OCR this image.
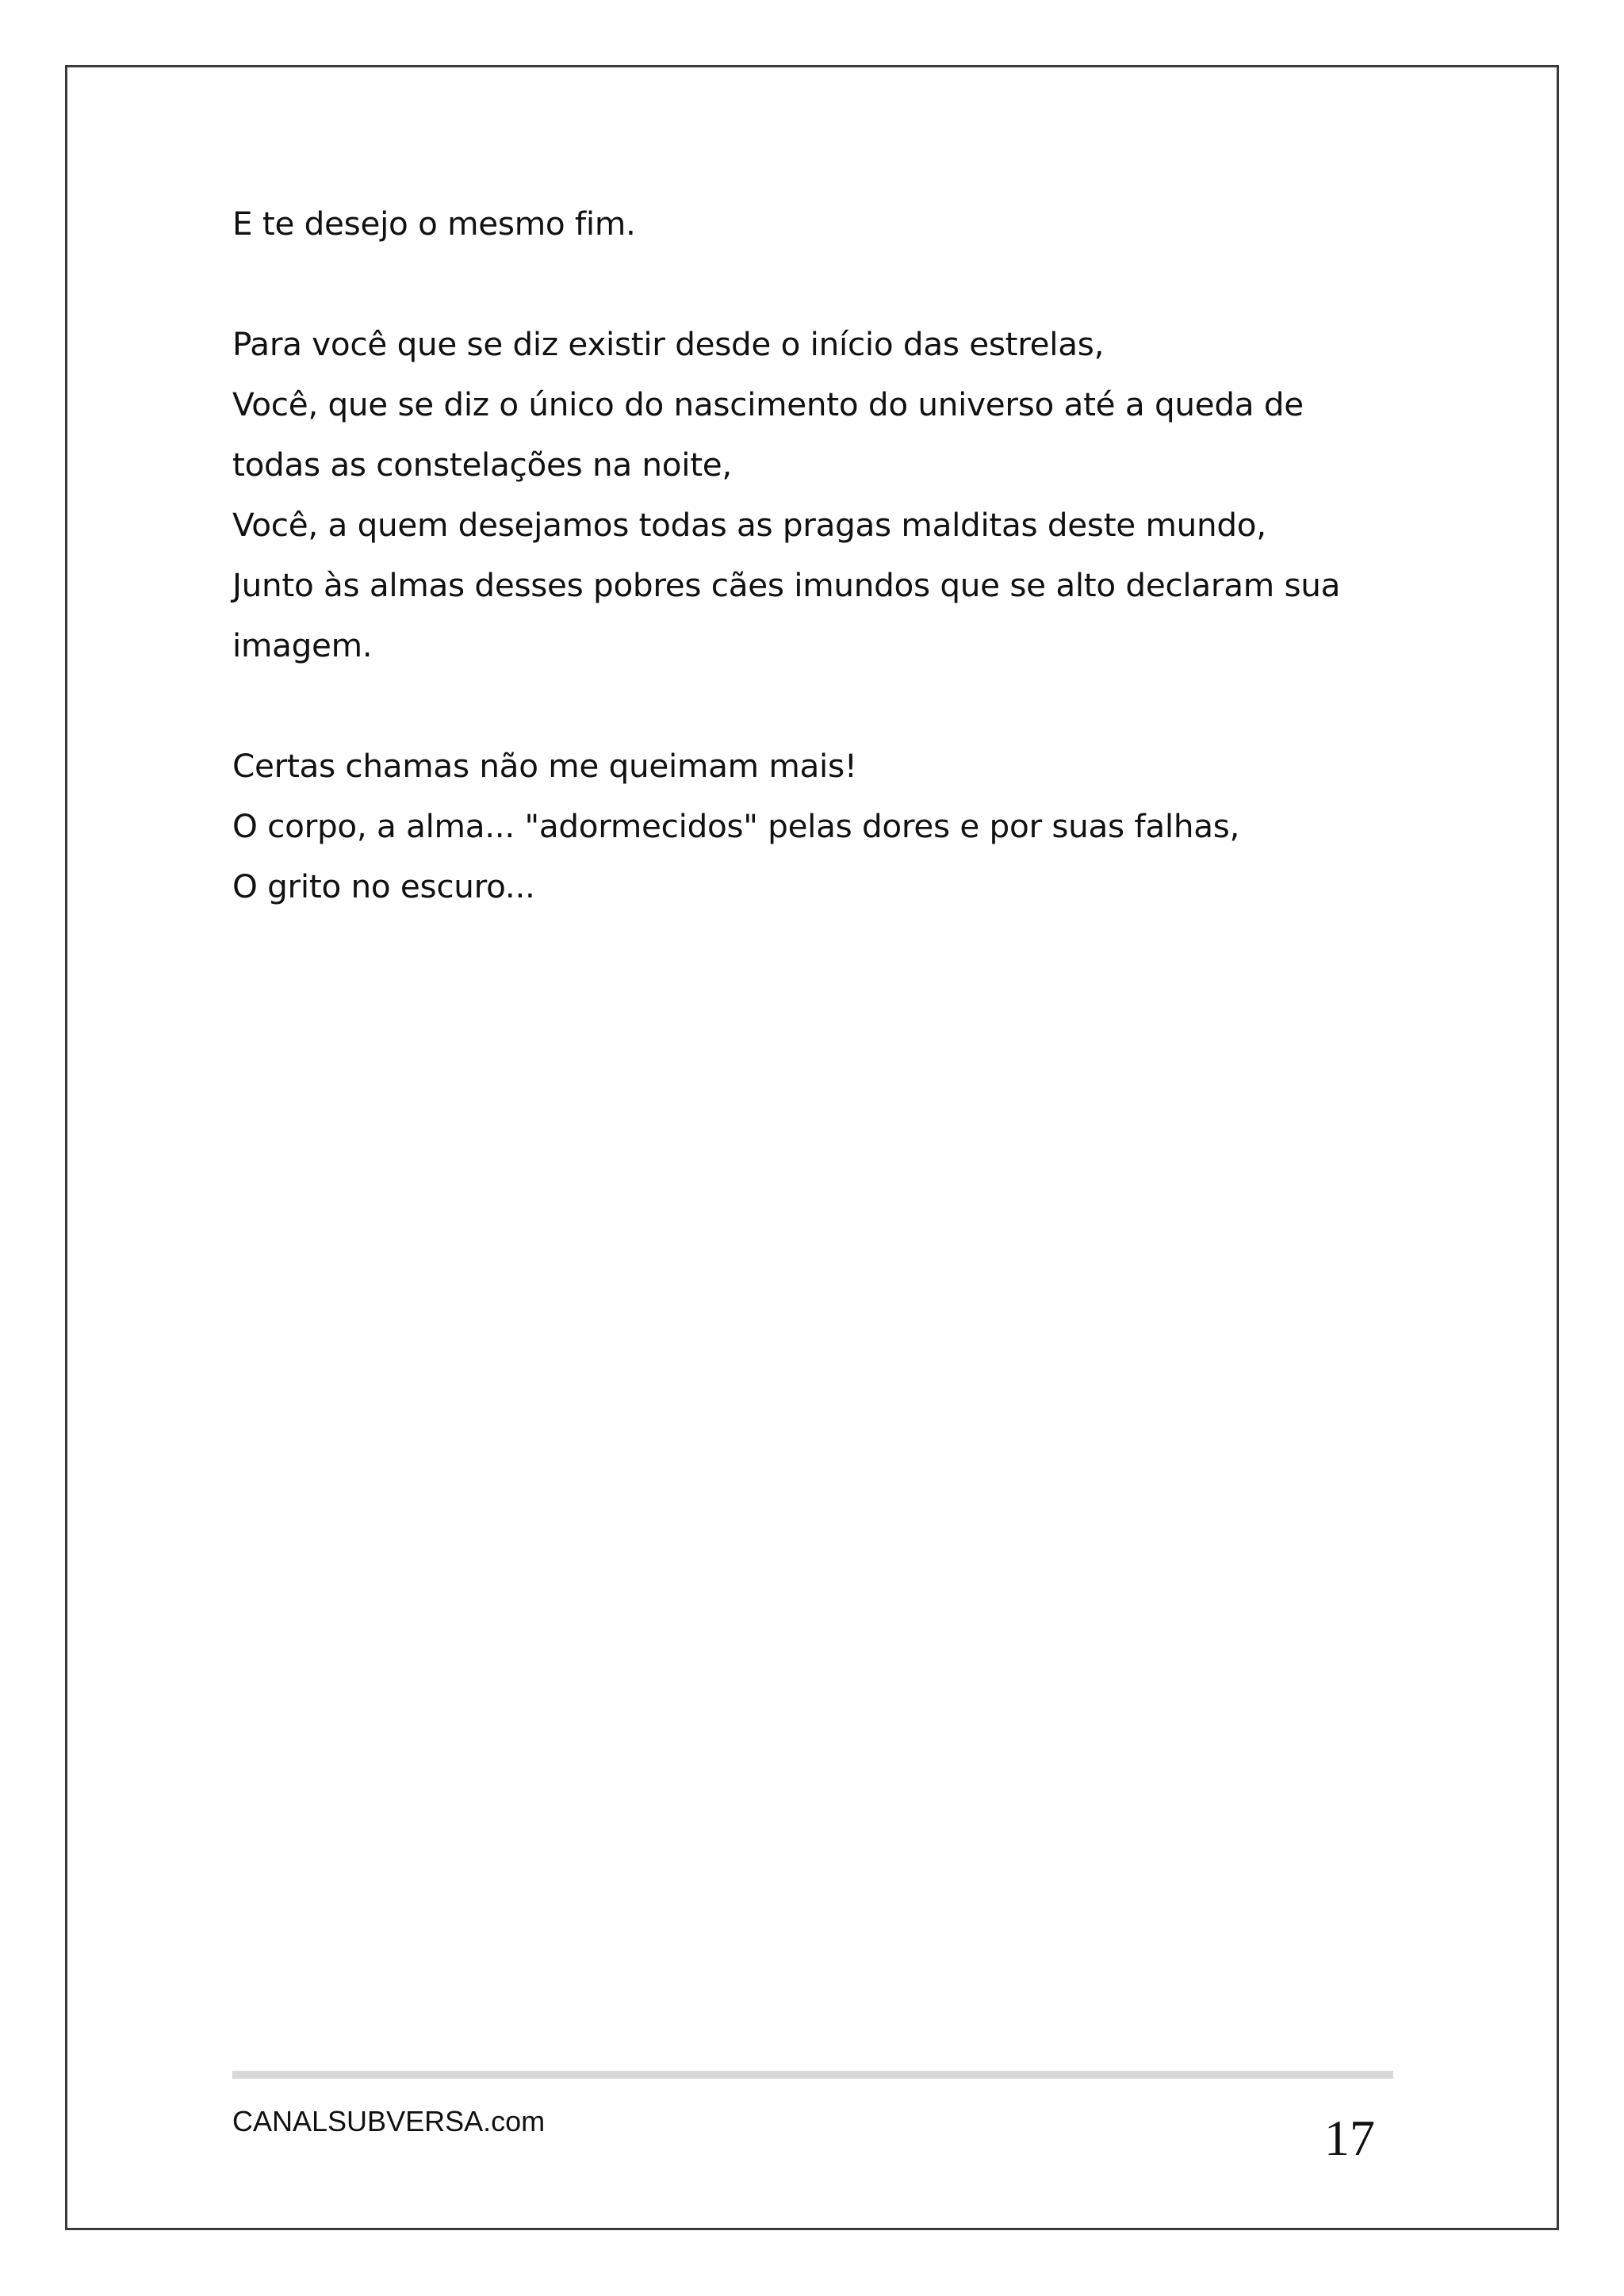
E te desejo o mesmo fim.
Para você que se diz existir desde o início das estrelas,
Você, que se diz o único do nascimento do universo até a queda de
todas as constelações na noite,
Você, a quem desejamos todas as pragas malditas deste mundo,
Junto às almas desses pobres cães imundos que se alto declaram sua
imagem.
Certas chamas não me queimam mais!
O corpo, a alma... "adormecidos" pelas dores e por suas falhas,
O grito no escuro...
CANALSUBVERSA.com	17
